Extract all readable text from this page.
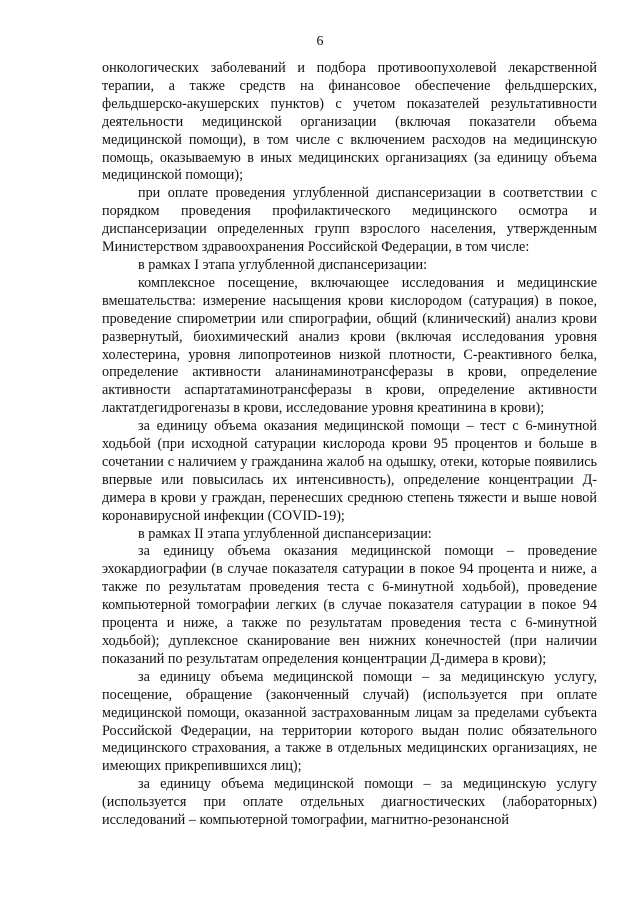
6

онкологических заболеваний и подбора противоопухолевой лекарственной терапии, а также средств на финансовое обеспечение фельдшерских, фельдшерско-акушерских пунктов) с учетом показателей результативности деятельности медицинской организации (включая показатели объема медицинской помощи), в том числе с включением расходов на медицинскую помощь, оказываемую в иных медицинских организациях (за единицу объема медицинской помощи);

при оплате проведения углубленной диспансеризации в соответствии с порядком проведения профилактического медицинского осмотра и диспансеризации определенных групп взрослого населения, утвержденным Министерством здравоохранения Российской Федерации, в том числе:

в рамках I этапа углубленной диспансеризации:

комплексное посещение, включающее исследования и медицинские вмешательства: измерение насыщения крови кислородом (сатурация) в покое, проведение спирометрии или спирографии, общий (клинический) анализ крови развернутый, биохимический анализ крови (включая исследования уровня холестерина, уровня липопротеинов низкой плотности, С-реактивного белка, определение активности аланинаминотрансферазы в крови, определение активности аспартатаминотрансферазы в крови, определение активности лактатдегидрогеназы в крови, исследование уровня креатинина в крови);

за единицу объема оказания медицинской помощи – тест с 6-минутной ходьбой (при исходной сатурации кислорода крови 95 процентов и больше в сочетании с наличием у гражданина жалоб на одышку, отеки, которые появились впервые или повысилась их интенсивность), определение концентрации Д-димера в крови у граждан, перенесших среднюю степень тяжести и выше новой коронавирусной инфекции (COVID-19);

в рамках II этапа углубленной диспансеризации:

за единицу объема оказания медицинской помощи – проведение эхокардиографии (в случае показателя сатурации в покое 94 процента и ниже, а также по результатам проведения теста с 6-минутной ходьбой), проведение компьютерной томографии легких (в случае показателя сатурации в покое 94 процента и ниже, а также по результатам проведения теста с 6-минутной ходьбой); дуплексное сканирование вен нижних конечностей (при наличии показаний по результатам определения концентрации Д-димера в крови);

за единицу объема медицинской помощи – за медицинскую услугу, посещение, обращение (законченный случай) (используется при оплате медицинской помощи, оказанной застрахованным лицам за пределами субъекта Российской Федерации, на территории которого выдан полис обязательного медицинского страхования, а также в отдельных медицинских организациях, не имеющих прикрепившихся лиц);

за единицу объема медицинской помощи – за медицинскую услугу (используется при оплате отдельных диагностических (лабораторных) исследований – компьютерной томографии, магнитно-резонансной
